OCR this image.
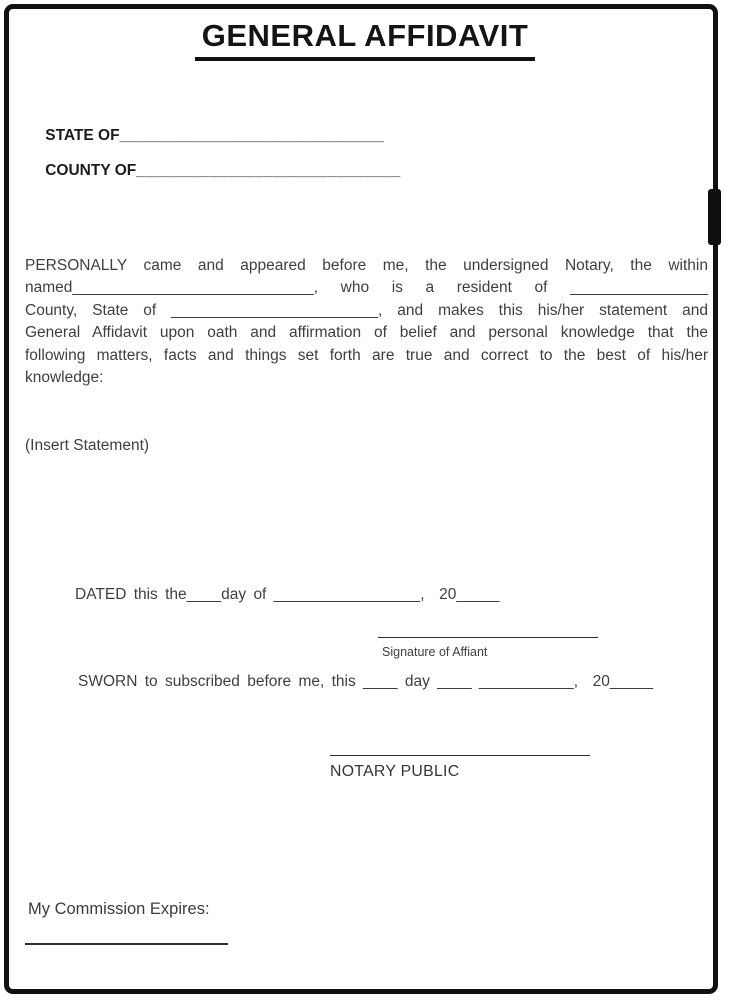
GENERAL AFFIDAVIT

STATE OF_____________________________

COUNTY OF_____________________________

PERSONALLY came and appeared before me, the undersigned Notary, the within
named____________________________, who is a resident of ________________
County, State of ________________________, and makes this his/her statement and
General Affidavit upon oath and affirmation of belief and personal knowledge that the
following matters, facts and things set forth are true and correct to the best of his/her
knowledge:
(Insert Statement)
DATED this the____day of _________________,  20_____
Signature of Affiant
SWORN to subscribed before me, this ____ day ____ ___________,  20_____
NOTARY PUBLIC
My Commission Expires:
